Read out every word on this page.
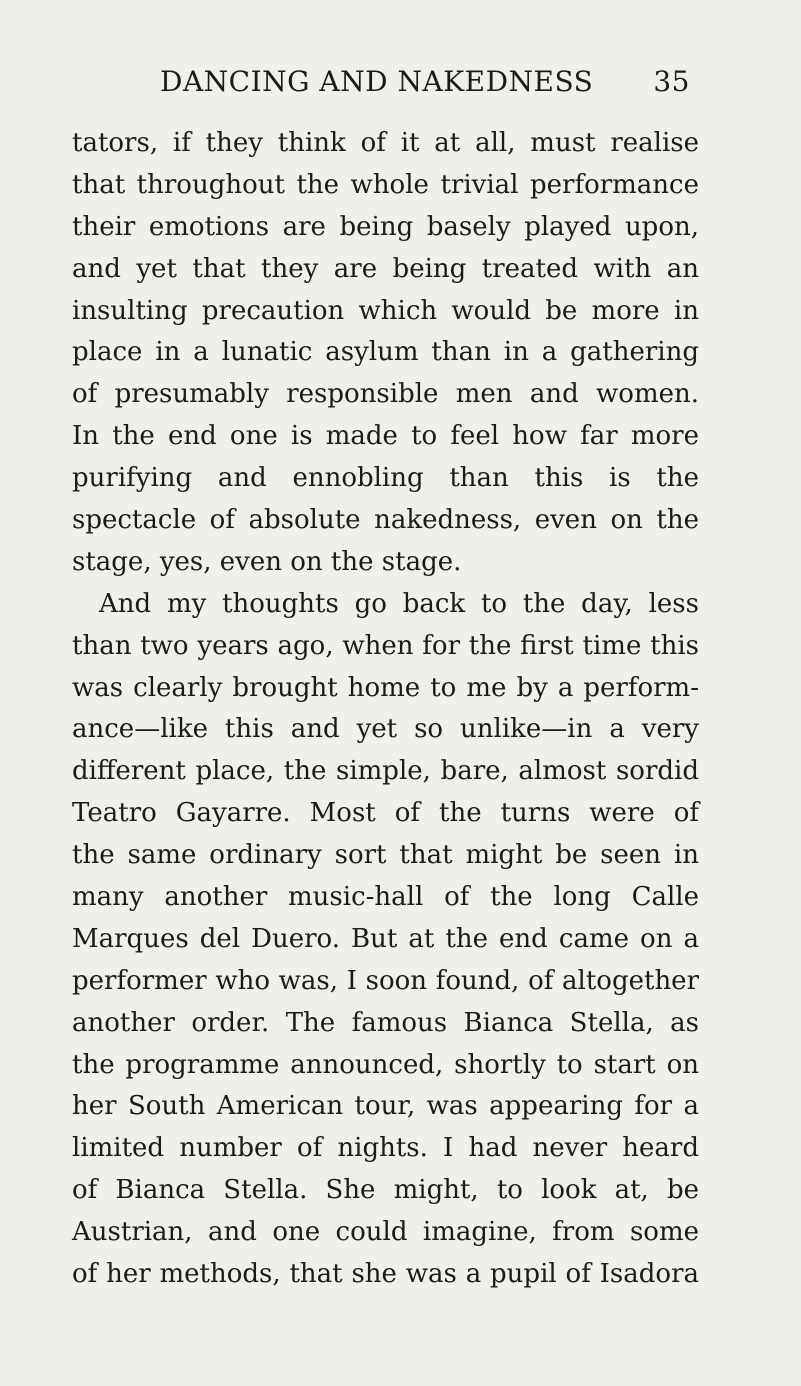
DANCING AND NAKEDNESS 35
tators, if they think of it at all, must realise
that throughout the whole trivial performance
their emotions are being basely played upon,
and yet that they are being treated with an
insulting precaution which would be more in
place in a lunatic asylum than in a gathering
of presumably responsible men and women.
In the end one is made to feel how far more
purifying and ennobling than this is the
spectacle of absolute nakedness, even on the
stage, yes, even on the stage.
And my thoughts go back to the day, less
than two years ago, when for the first time this
was clearly brought home to me by a perform-
ance—like this and yet so unlike—in a very
different place, the simple, bare, almost sordid
Teatro Gayarre. Most of the turns were of
the same ordinary sort that might be seen in
many another music-hall of the long Calle
Marques del Duero. But at the end came on a
performer who was, I soon found, of altogether
another order. The famous Bianca Stella, as
the programme announced, shortly to start on
her South American tour, was appearing for a
limited number of nights. I had never heard
of Bianca Stella. She might, to look at, be
Austrian, and one could imagine, from some
of her methods, that she was a pupil of Isadora
